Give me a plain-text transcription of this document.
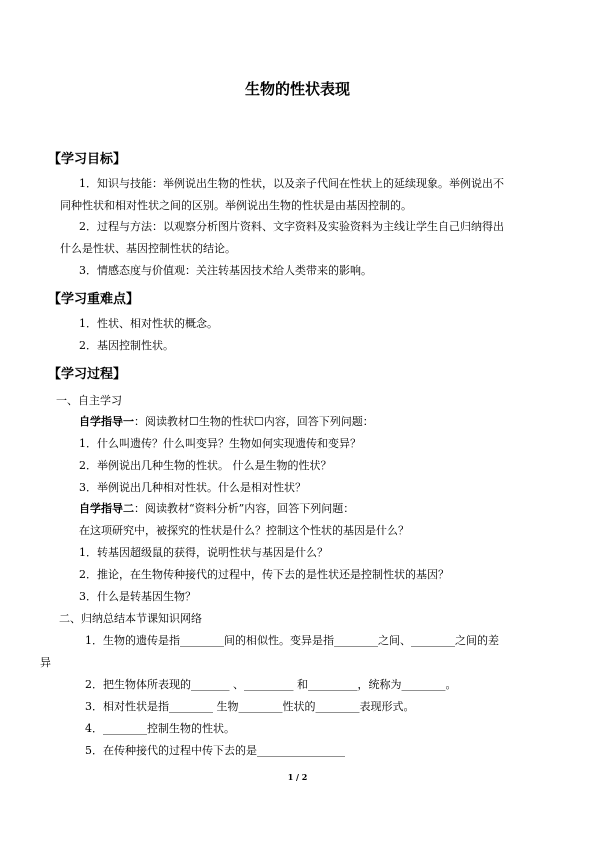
生物的性状表现
【学习目标】
1．知识与技能：举例说出生物的性状，以及亲子代间在性状上的延续现象。举例说出不
同种性状和相对性状之间的区别。举例说出生物的性状是由基因控制的。
2．过程与方法：以观察分析图片资料、文字资料及实验资料为主线让学生自己归纳得出
什么是性状、基因控制性状的结论。
3．情感态度与价值观：关注转基因技术给人类带来的影响。
【学习重难点】
1．性状、相对性状的概念。
2．基因控制性状。
【学习过程】
一、自主学习
自学指导一：阅读教材☐生物的性状☐内容，回答下列问题：
1．什么叫遗传？什么叫变异？生物如何实现遗传和变异？
2．举例说出几种生物的性状。 什么是生物的性状？
3．举例说出几种相对性状。什么是相对性状？
自学指导二：阅读教材“资料分析”内容，回答下列问题：
在这项研究中，被探究的性状是什么？控制这个性状的基因是什么？
1．转基因超级鼠的获得，说明性状与基因是什么？
2．推论，在生物传种接代的过程中，传下去的是性状还是控制性状的基因？
3．什么是转基因生物？
二、归纳总结本节课知识网络
1．生物的遗传是指________间的相似性。变异是指________之间、________之间的差
异
2．把生物体所表现的_______ 、_________ 和_________，统称为________。
3．相对性状是指________ 生物________性状的________表现形式。
4．________控制生物的性状。
5．在传种接代的过程中传下去的是________________
1 / 2
